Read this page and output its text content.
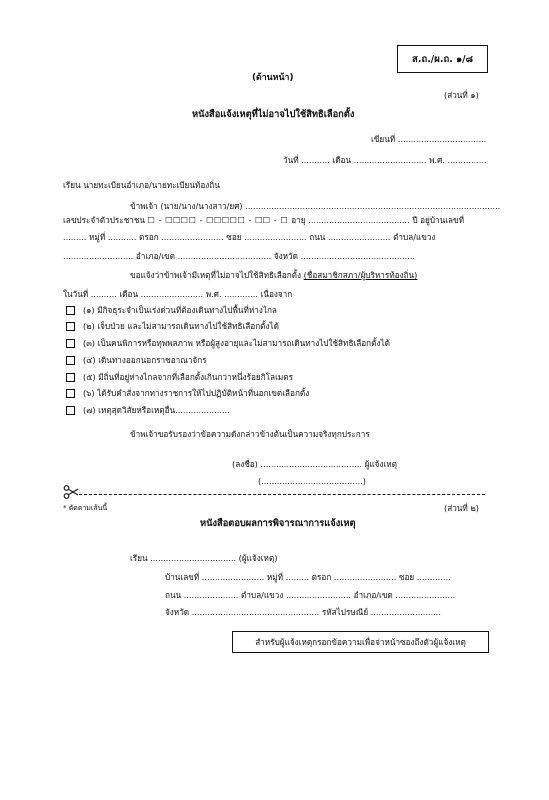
ส.ถ./ผ.ถ. ๑/๘
(ด้านหน้า)
(ส่วนที่ ๑)
หนังสือแจ้งเหตุที่ไม่อาจไปใช้สิทธิเลือกตั้ง
เขียนที่ ..................................
วันที่ ........... เดือน ............................ พ.ศ. ...............
เรียน นายทะเบียนอำเภอ/นายทะเบียนท้องถิ่น
ข้าพเจ้า (นาย/นาง/นางสาว/ยศ) ..................................................................................................
เลขประจำตัวประชาชน ☐ - ☐☐☐☐ - ☐☐☐☐☐ - ☐☐ - ☐ อายุ ....................................... ปี อยู่บ้านเลขที่
......... หมู่ที่ ........... ตรอก ........................ ซอย ........................ ถนน ........................ ตำบล/แขวง
........................... อำเภอ/เขต .................................... จังหวัด ............................................
ขอแจ้งว่าข้าพเจ้ามีเหตุที่ไม่อาจไปใช้สิทธิเลือกตั้ง (ชื่อสมาชิกสภา/ผู้บริหารท้องถิ่น)
ในวันที่ .......... เดือน ........................ พ.ศ. ............. เนื่องจาก
(๑) มีกิจธุระจำเป็นเร่งด่วนที่ต้องเดินทางไปพื้นที่ห่างไกล
(๒) เจ็บป่วย และไม่สามารถเดินทางไปใช้สิทธิเลือกตั้งได้
(๓) เป็นคนพิการหรือทุพพลภาพ หรือผู้สูงอายุและไม่สามารถเดินทางไปใช้สิทธิเลือกตั้งได้
(๔) เดินทางออกนอกราชอาณาจักร
(๕) มีถิ่นที่อยู่ห่างไกลจากที่เลือกตั้งเกินกว่าหนึ่งร้อยกิโลเมตร
(๖) ได้รับคำสั่งจากทางราชการให้ไปปฏิบัติหน้าที่นอกเขตเลือกตั้ง
(๗) เหตุสุดวิสัยหรือเหตุอื่น.....................
ข้าพเจ้าขอรับรองว่าข้อความดังกล่าวข้างต้นเป็นความจริงทุกประการ
(ลงชื่อ) ....................................... ผู้แจ้งเหตุ
(.......................................)
* ตัดตามเส้นนี้	(ส่วนที่ ๒)
หนังสือตอบผลการพิจารณาการแจ้งเหตุ
เรียน ................................. (ผู้แจ้งเหตุ)
บ้านเลขที่ ........................ หมู่ที่ ......... ตรอก ........................ ซอย .............
ถนน ..................... ตำบล/แขวง ......................... อำเภอ/เขต .......................
จังหวัด ................................................. รหัสไปรษณีย์ ...........................
สำหรับผู้แจ้งเหตุกรอกข้อความเพื่อจ่าหน้าซองถึงตัวผู้แจ้งเหตุ
